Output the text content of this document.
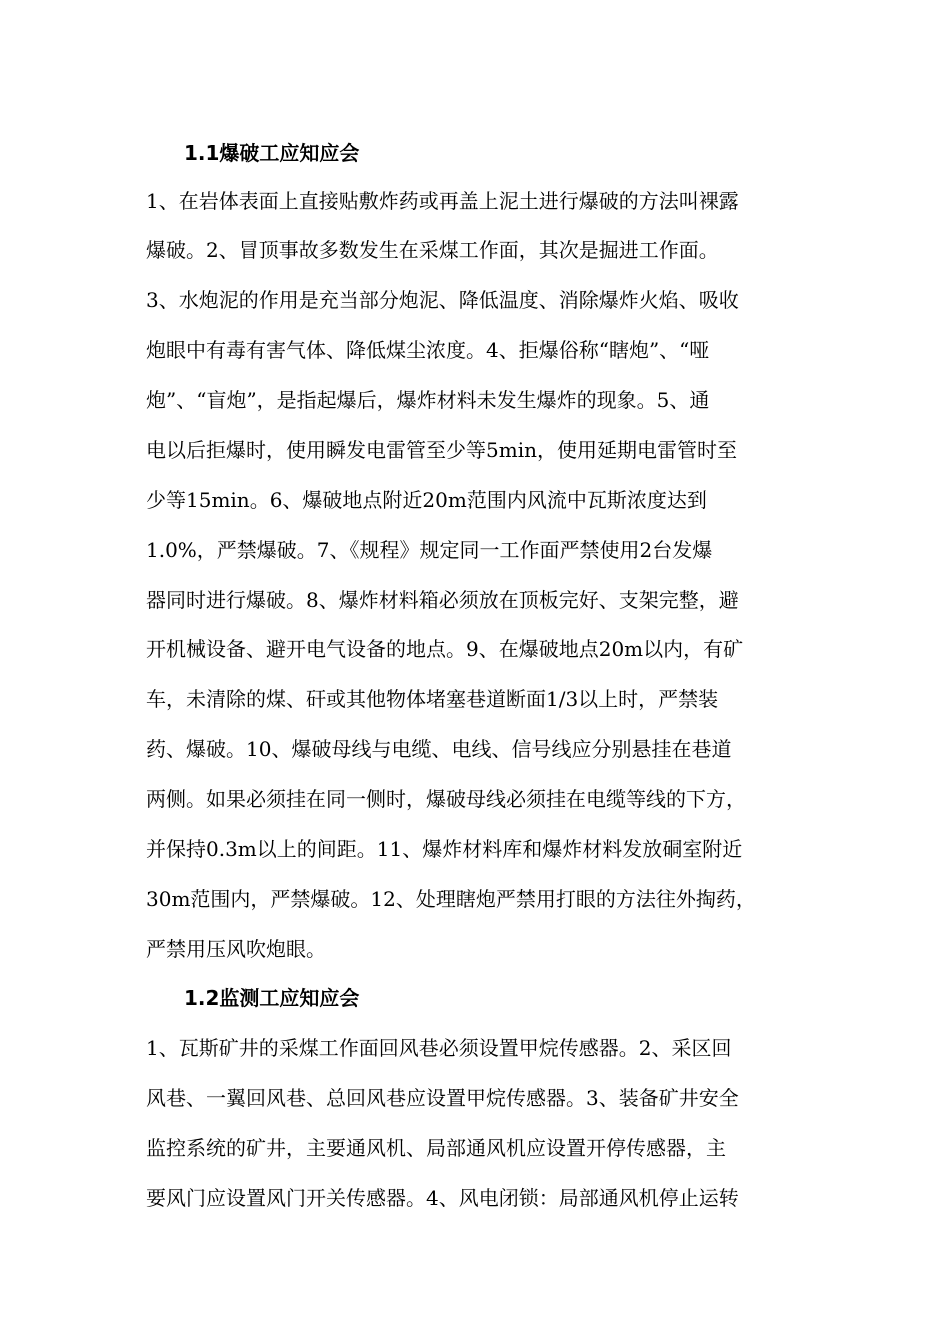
1.1爆破工应知应会
1、在岩体表面上直接贴敷炸药或再盖上泥土进行爆破的方法叫裸露
爆破。2、冒顶事故多数发生在采煤工作面，其次是掘进工作面。
3、水炮泥的作用是充当部分炮泥、降低温度、消除爆炸火焰、吸收
炮眼中有毒有害气体、降低煤尘浓度。4、拒爆俗称“瞎炮”、“哑
炮”、“盲炮”，是指起爆后，爆炸材料未发生爆炸的现象。5、通
电以后拒爆时，使用瞬发电雷管至少等5min，使用延期电雷管时至
少等15min。6、爆破地点附近20m范围内风流中瓦斯浓度达到
1.0%，严禁爆破。7、《规程》规定同一工作面严禁使用2台发爆
器同时进行爆破。8、爆炸材料箱必须放在顶板完好、支架完整，避
开机械设备、避开电气设备的地点。9、在爆破地点20m以内，有矿
车，未清除的煤、矸或其他物体堵塞巷道断面1/3以上时，严禁装
药、爆破。10、爆破母线与电缆、电线、信号线应分别悬挂在巷道
两侧。如果必须挂在同一侧时，爆破母线必须挂在电缆等线的下方，
并保持0.3m以上的间距。11、爆炸材料库和爆炸材料发放硐室附近
30m范围内，严禁爆破。12、处理瞎炮严禁用打眼的方法往外掏药，
严禁用压风吹炮眼。
1.2监测工应知应会
1、瓦斯矿井的采煤工作面回风巷必须设置甲烷传感器。2、采区回
风巷、一翼回风巷、总回风巷应设置甲烷传感器。3、装备矿井安全
监控系统的矿井，主要通风机、局部通风机应设置开停传感器，主
要风门应设置风门开关传感器。4、风电闭锁：局部通风机停止运转
